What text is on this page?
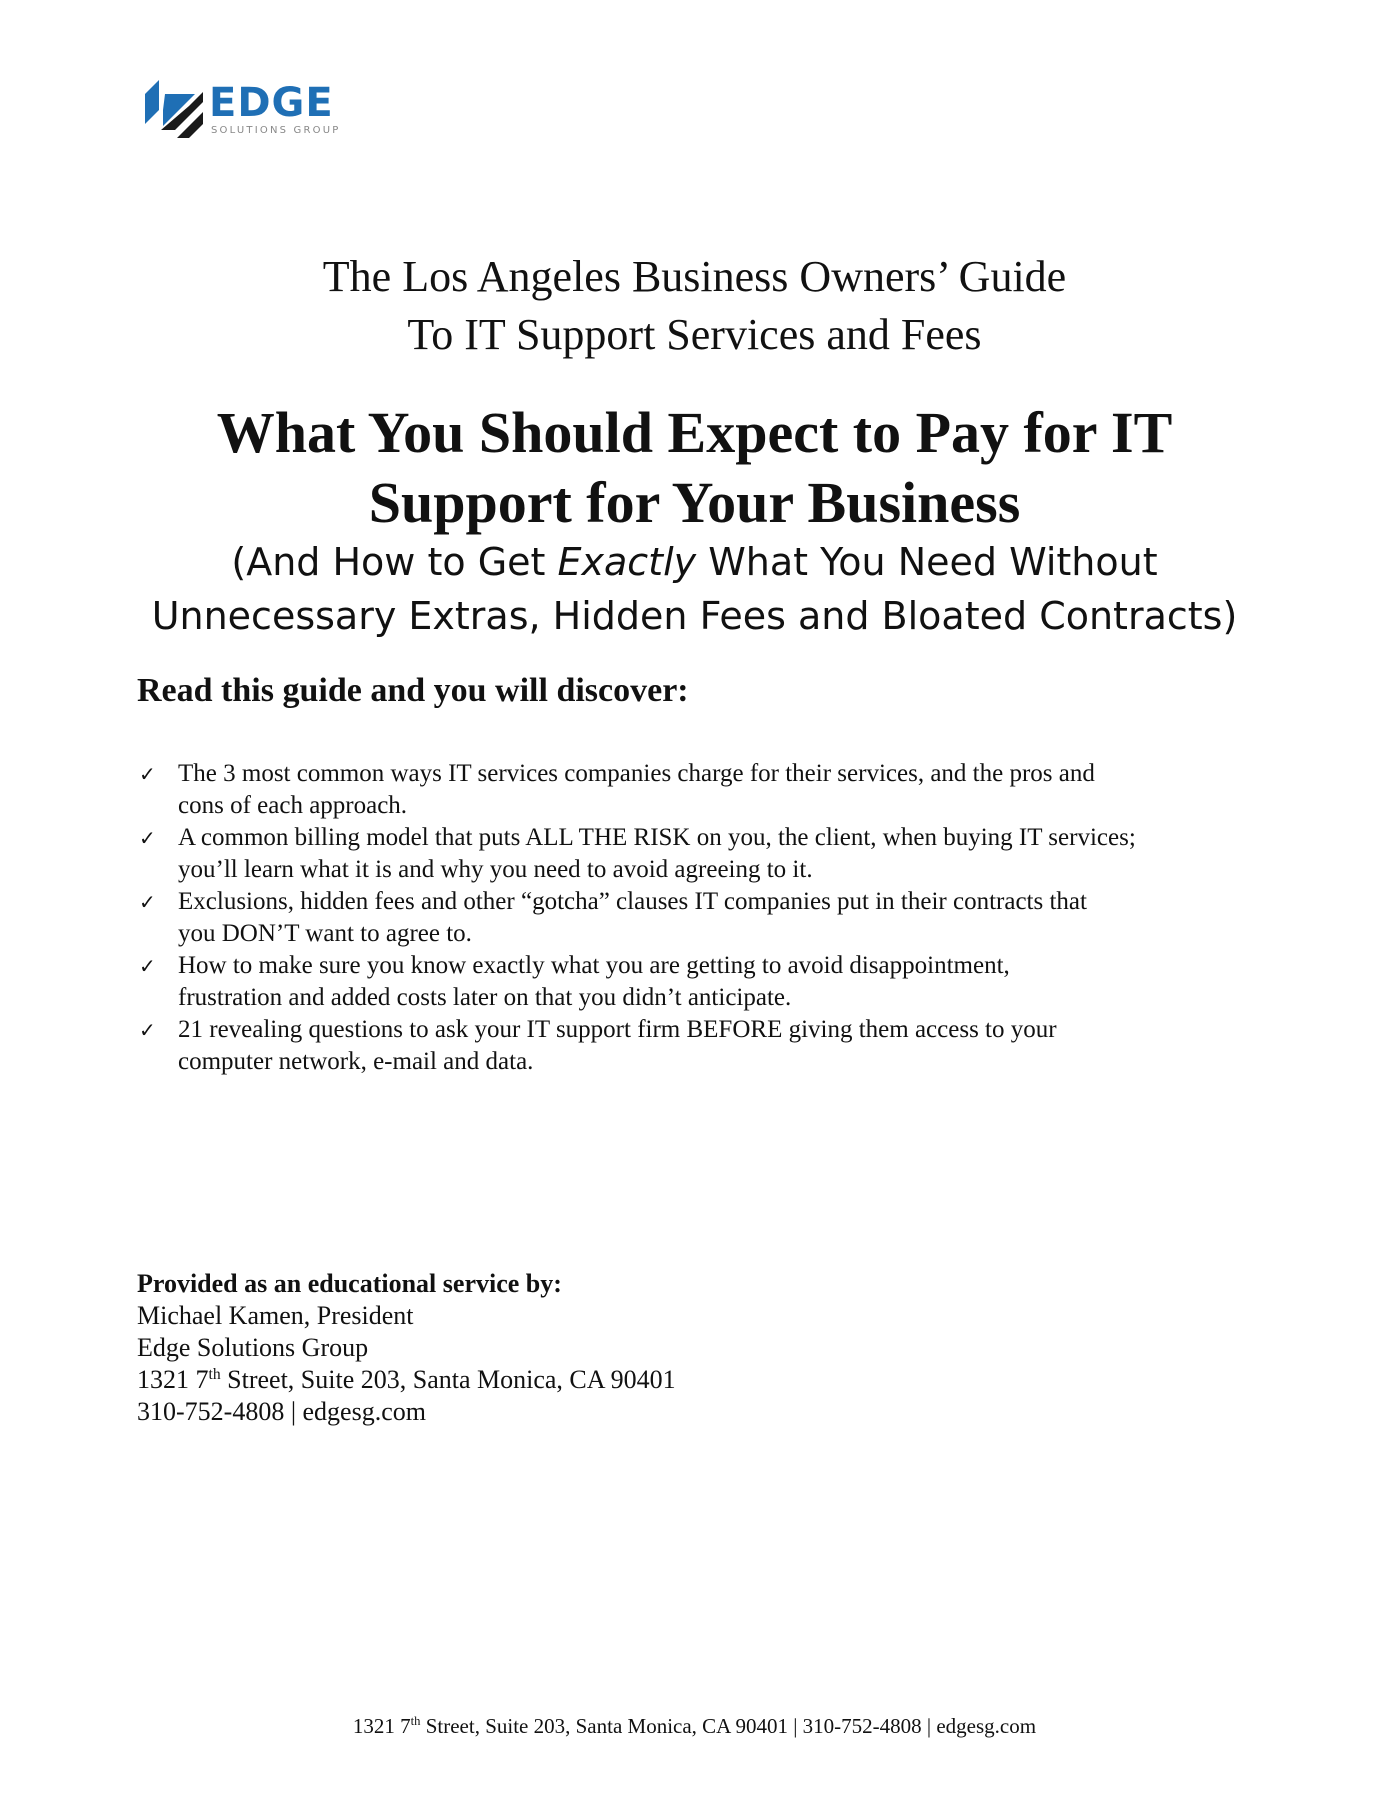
EDGE
SOLUTIONS GROUP
The Los Angeles Business Owners’ Guide
To IT Support Services and Fees
What You Should Expect to Pay for IT
Support for Your Business
(And How to Get Exactly What You Need Without
Unnecessary Extras, Hidden Fees and Bloated Contracts)
Read this guide and you will discover:
✓ The 3 most common ways IT services companies charge for their services, and the pros and
cons of each approach.
✓ A common billing model that puts ALL THE RISK on you, the client, when buying IT services;
you’ll learn what it is and why you need to avoid agreeing to it.
✓ Exclusions, hidden fees and other “gotcha” clauses IT companies put in their contracts that
you DON’T want to agree to.
✓ How to make sure you know exactly what you are getting to avoid disappointment,
frustration and added costs later on that you didn’t anticipate.
✓ 21 revealing questions to ask your IT support firm BEFORE giving them access to your
computer network, e-mail and data.
Provided as an educational service by:
Michael Kamen, President
Edge Solutions Group
1321 7th Street, Suite 203, Santa Monica, CA 90401
310-752-4808 | edgesg.com
1321 7th Street, Suite 203, Santa Monica, CA 90401 | 310-752-4808 | edgesg.com
